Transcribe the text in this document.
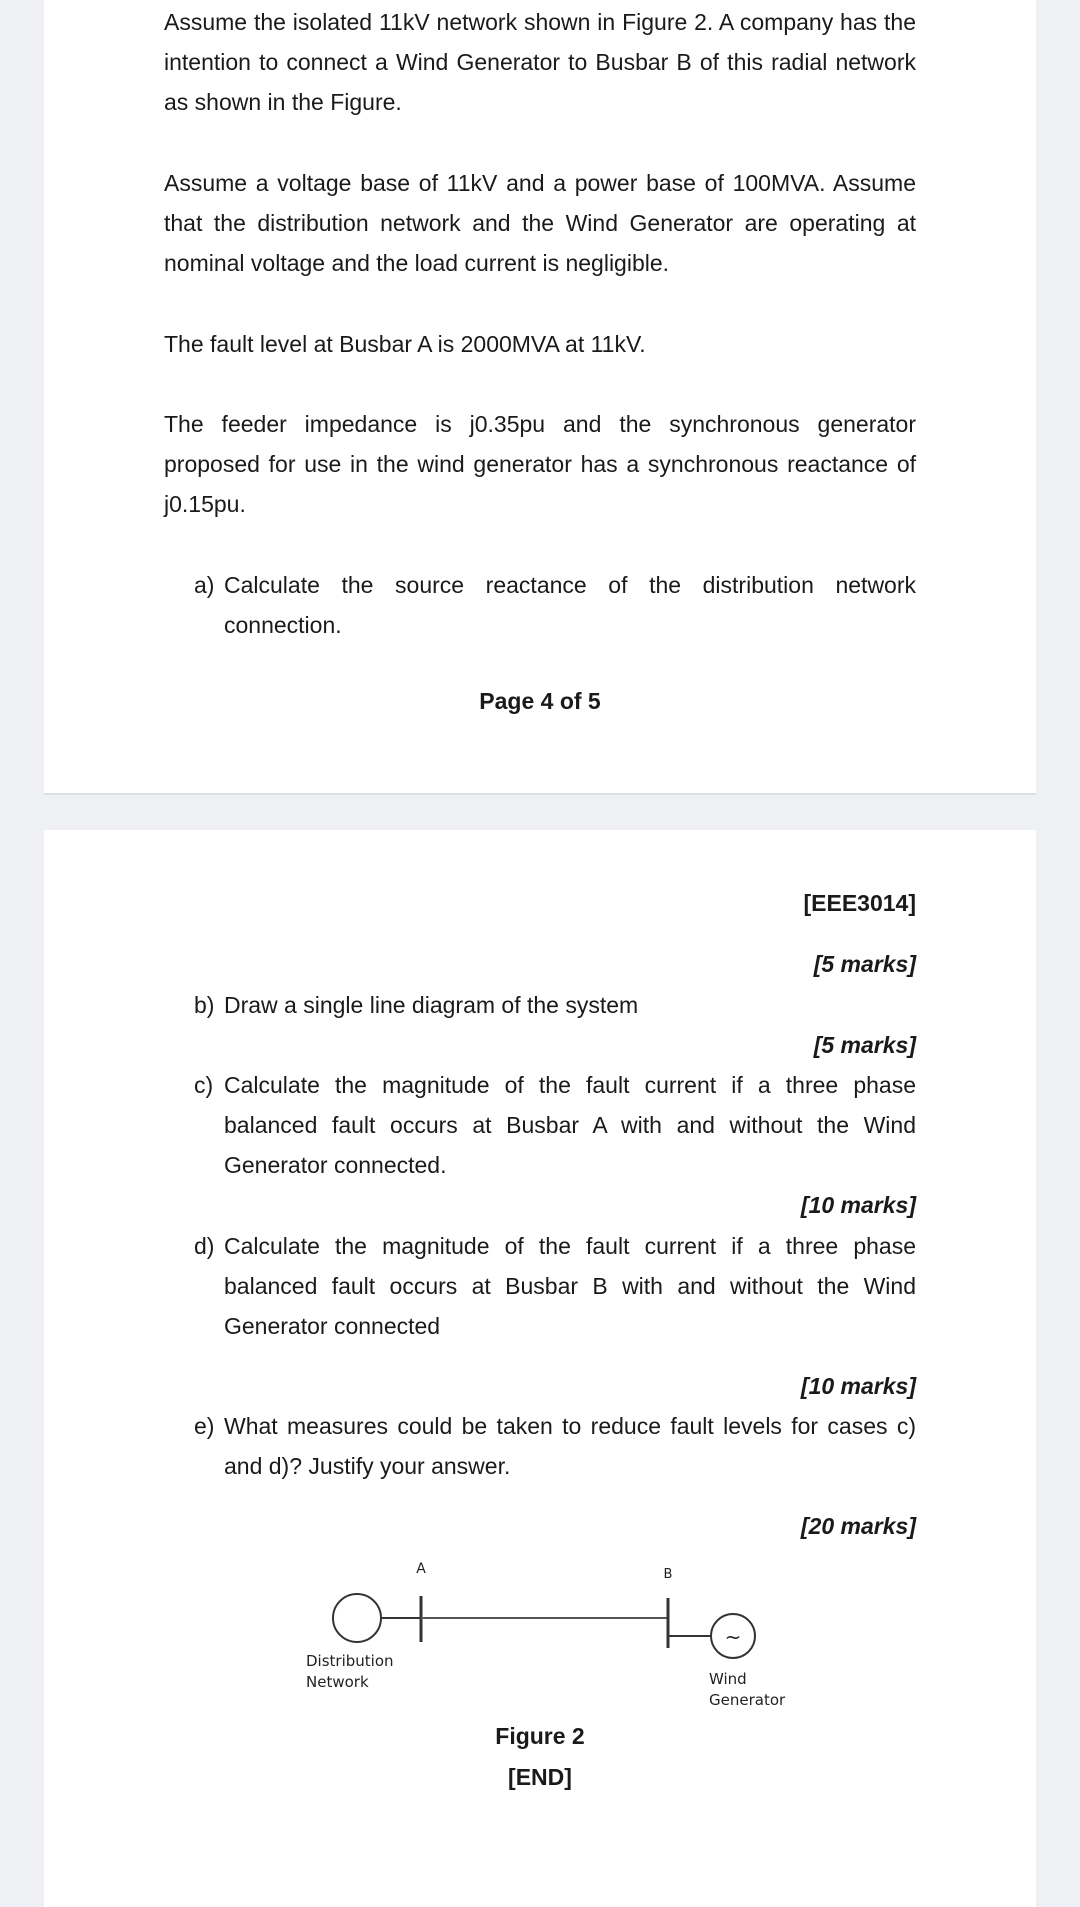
Assume the isolated 11kV network shown in Figure 2. A company has the intention to connect a Wind Generator to Busbar B of this radial network as shown in the Figure.

Assume a voltage base of 11kV and a power base of 100MVA. Assume that the distribution network and the Wind Generator are operating at nominal voltage and the load current is negligible.

The fault level at Busbar A is 2000MVA at 11kV.

The feeder impedance is j0.35pu and the synchronous generator proposed for use in the wind generator has a synchronous reactance of j0.15pu.

a) Calculate the source reactance of the distribution network connection.
Page 4 of 5
[EEE3014]
[5 marks]
b) Draw a single line diagram of the system
[5 marks]
c) Calculate the magnitude of the fault current if a three phase balanced fault occurs at Busbar A with and without the Wind Generator connected.
[10 marks]
d) Calculate the magnitude of the fault current if a three phase balanced fault occurs at Busbar B with and without the Wind Generator connected
[10 marks]
e) What measures could be taken to reduce fault levels for cases c) and d)? Justify your answer.
[20 marks]
~
A	B
Distribution
Network	Wind
Generator
Figure 2
[END]
